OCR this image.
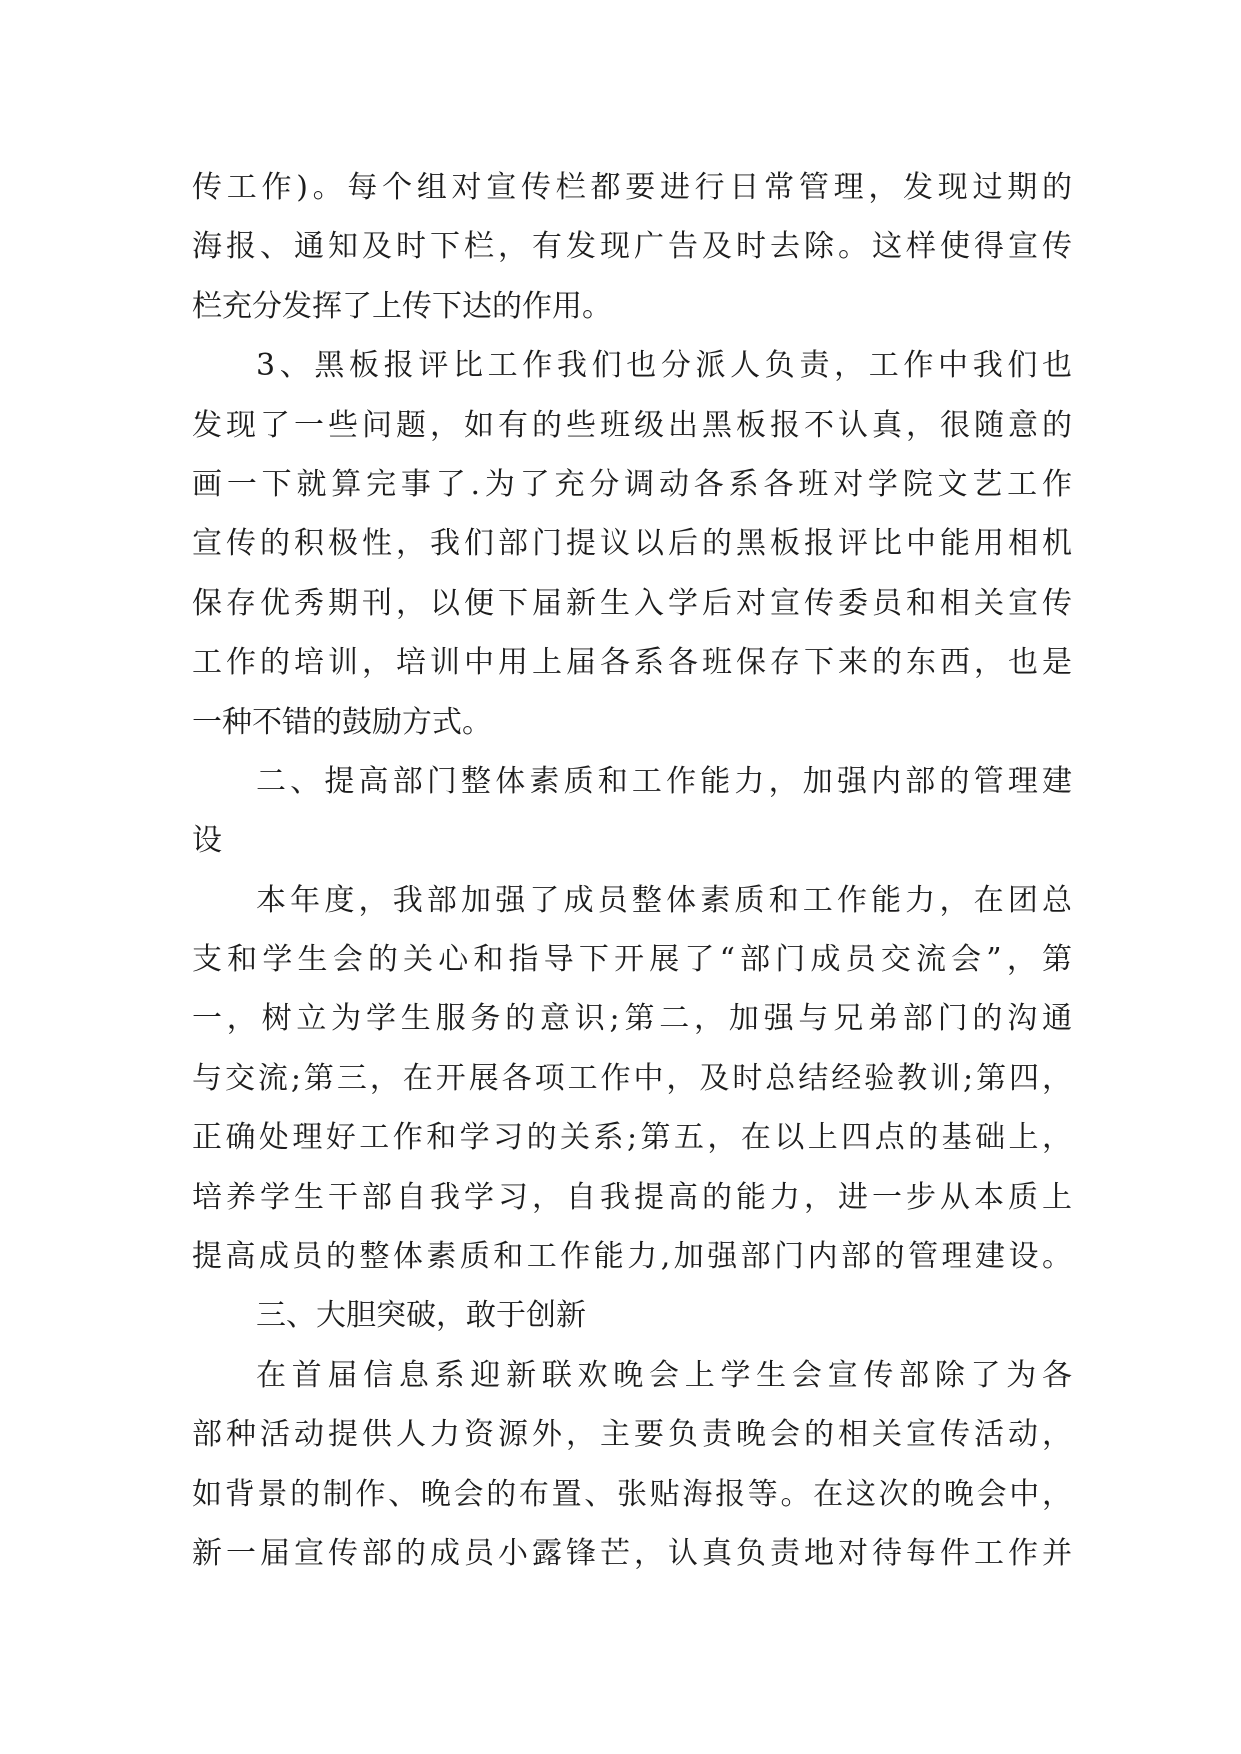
传工作)。每个组对宣传栏都要进行日常管理，发现过期的
海报、通知及时下栏，有发现广告及时去除。这样使得宣传
栏充分发挥了上传下达的作用。
3、黑板报评比工作我们也分派人负责，工作中我们也
发现了一些问题，如有的些班级出黑板报不认真，很随意的
画一下就算完事了.为了充分调动各系各班对学院文艺工作
宣传的积极性，我们部门提议以后的黑板报评比中能用相机
保存优秀期刊，以便下届新生入学后对宣传委员和相关宣传
工作的培训，培训中用上届各系各班保存下来的东西，也是
一种不错的鼓励方式。
二、提高部门整体素质和工作能力，加强内部的管理建
设
本年度，我部加强了成员整体素质和工作能力，在团总
支和学生会的关心和指导下开展了“部门成员交流会”，第
一，树立为学生服务的意识;第二，加强与兄弟部门的沟通
与交流;第三，在开展各项工作中，及时总结经验教训;第四，
正确处理好工作和学习的关系;第五，在以上四点的基础上，
培养学生干部自我学习，自我提高的能力，进一步从本质上
提高成员的整体素质和工作能力,加强部门内部的管理建设。
三、大胆突破，敢于创新
在首届信息系迎新联欢晚会上学生会宣传部除了为各
部种活动提供人力资源外，主要负责晚会的相关宣传活动，
如背景的制作、晚会的布置、张贴海报等。在这次的晚会中，
新一届宣传部的成员小露锋芒，认真负责地对待每件工作并
